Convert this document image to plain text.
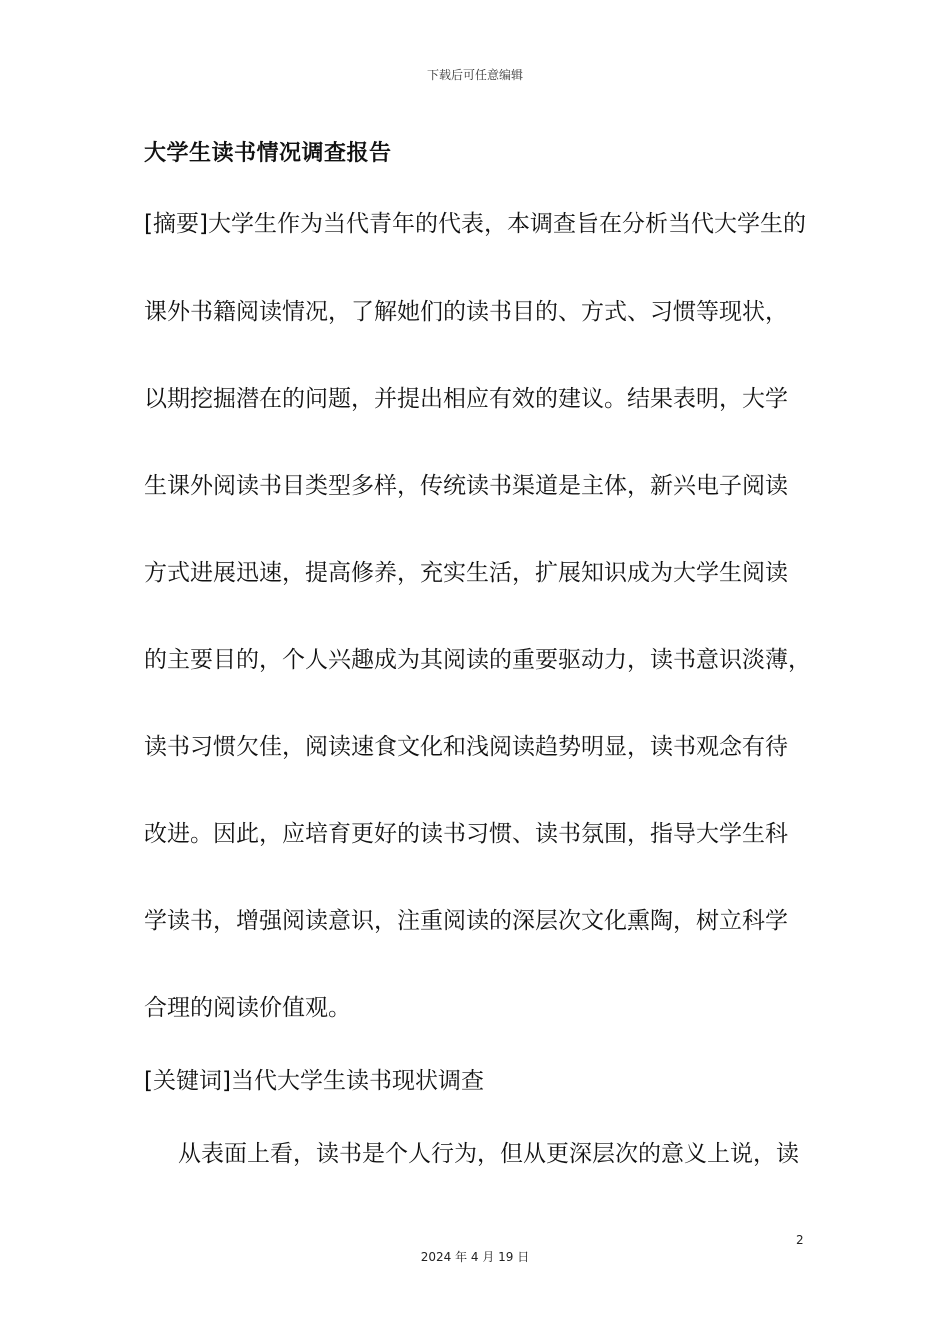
下载后可任意编辑
大学生读书情况调查报告
[摘要]大学生作为当代青年的代表，本调查旨在分析当代大学生的
课外书籍阅读情况，了解她们的读书目的、方式、习惯等现状，
以期挖掘潜在的问题，并提出相应有效的建议。结果表明，大学
生课外阅读书目类型多样，传统读书渠道是主体，新兴电子阅读
方式进展迅速，提高修养，充实生活，扩展知识成为大学生阅读
的主要目的，个人兴趣成为其阅读的重要驱动力，读书意识淡薄，
读书习惯欠佳，阅读速食文化和浅阅读趋势明显，读书观念有待
改进。因此，应培育更好的读书习惯、读书氛围，指导大学生科
学读书，增强阅读意识，注重阅读的深层次文化熏陶，树立科学
合理的阅读价值观。
[关键词]当代大学生读书现状调查
从表面上看，读书是个人行为，但从更深层次的意义上说，读
2
2024 年 4 月 19 日
